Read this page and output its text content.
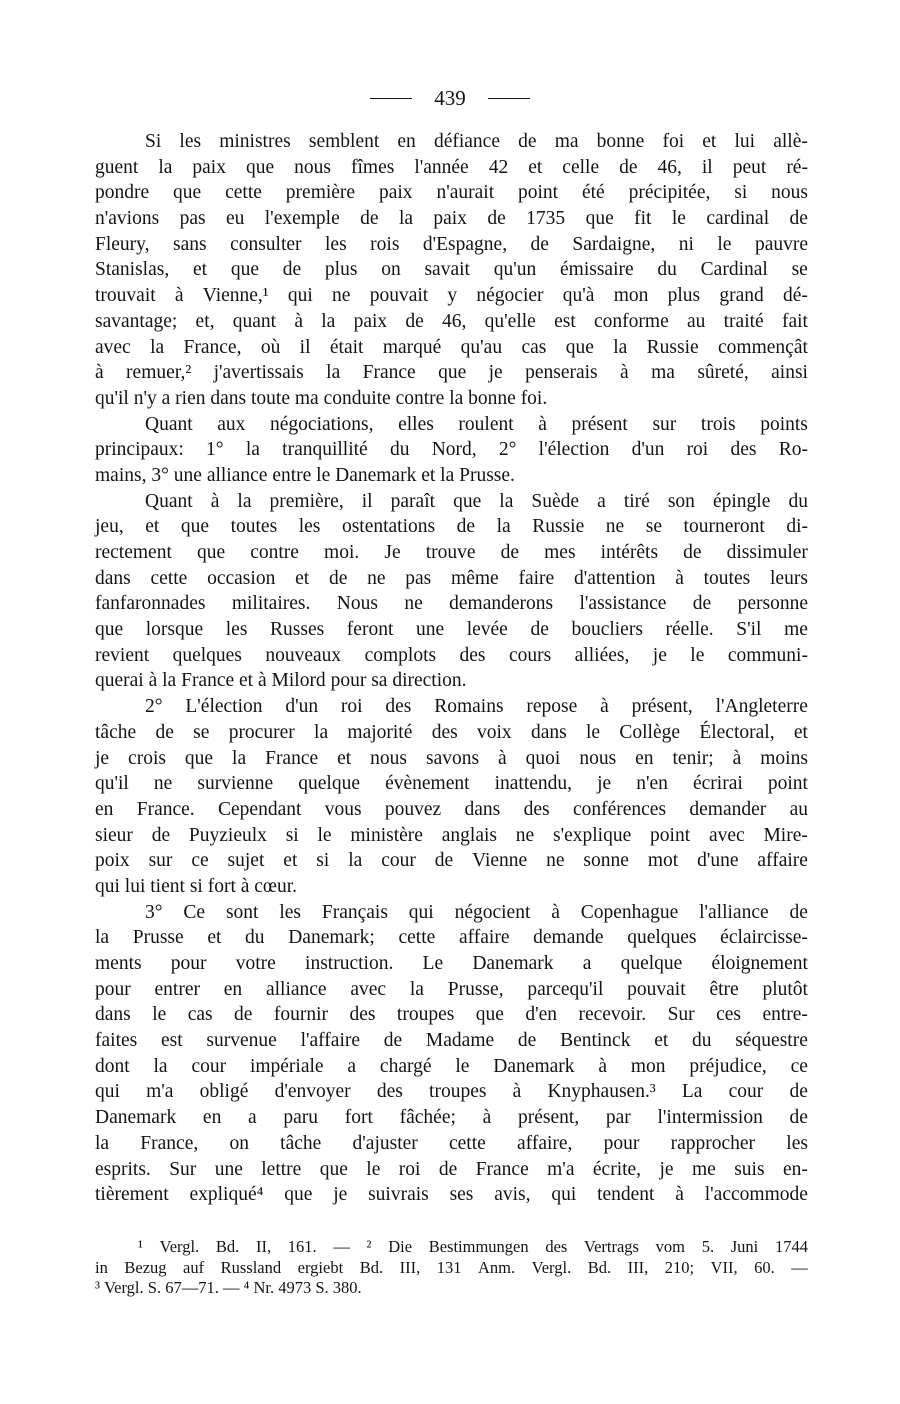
439
Si les ministres semblent en défiance de ma bonne foi et lui allè-
guent la paix que nous fîmes l'année 42 et celle de 46, il peut ré-
pondre que cette première paix n'aurait point été précipitée, si nous
n'avions pas eu l'exemple de la paix de 1735 que fit le cardinal de
Fleury, sans consulter les rois d'Espagne, de Sardaigne, ni le pauvre
Stanislas, et que de plus on savait qu'un émissaire du Cardinal se
trouvait à Vienne,¹ qui ne pouvait y négocier qu'à mon plus grand dé-
savantage; et, quant à la paix de 46, qu'elle est conforme au traité fait
avec la France, où il était marqué qu'au cas que la Russie commençât
à remuer,² j'avertissais la France que je penserais à ma sûreté, ainsi
qu'il n'y a rien dans toute ma conduite contre la bonne foi.
Quant aux négociations, elles roulent à présent sur trois points
principaux: 1° la tranquillité du Nord, 2° l'élection d'un roi des Ro-
mains, 3° une alliance entre le Danemark et la Prusse.
Quant à la première, il paraît que la Suède a tiré son épingle du
jeu, et que toutes les ostentations de la Russie ne se tourneront di-
rectement que contre moi. Je trouve de mes intérêts de dissimuler
dans cette occasion et de ne pas même faire d'attention à toutes leurs
fanfaronnades militaires. Nous ne demanderons l'assistance de personne
que lorsque les Russes feront une levée de boucliers réelle. S'il me
revient quelques nouveaux complots des cours alliées, je le communi-
querai à la France et à Milord pour sa direction.
2° L'élection d'un roi des Romains repose à présent, l'Angleterre
tâche de se procurer la majorité des voix dans le Collège Électoral, et
je crois que la France et nous savons à quoi nous en tenir; à moins
qu'il ne survienne quelque évènement inattendu, je n'en écrirai point
en France. Cependant vous pouvez dans des conférences demander au
sieur de Puyzieulx si le ministère anglais ne s'explique point avec Mire-
poix sur ce sujet et si la cour de Vienne ne sonne mot d'une affaire
qui lui tient si fort à cœur.
3° Ce sont les Français qui négocient à Copenhague l'alliance de
la Prusse et du Danemark; cette affaire demande quelques éclaircisse-
ments pour votre instruction. Le Danemark a quelque éloignement
pour entrer en alliance avec la Prusse, parcequ'il pouvait être plutôt
dans le cas de fournir des troupes que d'en recevoir. Sur ces entre-
faites est survenue l'affaire de Madame de Bentinck et du séquestre
dont la cour impériale a chargé le Danemark à mon préjudice, ce
qui m'a obligé d'envoyer des troupes à Knyphausen.³ La cour de
Danemark en a paru fort fâchée; à présent, par l'intermission de
la France, on tâche d'ajuster cette affaire, pour rapprocher les
esprits. Sur une lettre que le roi de France m'a écrite, je me suis en-
tièrement expliqué⁴ que je suivrais ses avis, qui tendent à l'accommode
¹ Vergl. Bd. II, 161. — ² Die Bestimmungen des Vertrags vom 5. Juni 1744
in Bezug auf Russland ergiebt Bd. III, 131 Anm. Vergl. Bd. III, 210; VII, 60. —
³ Vergl. S. 67—71. — ⁴ Nr. 4973 S. 380.
